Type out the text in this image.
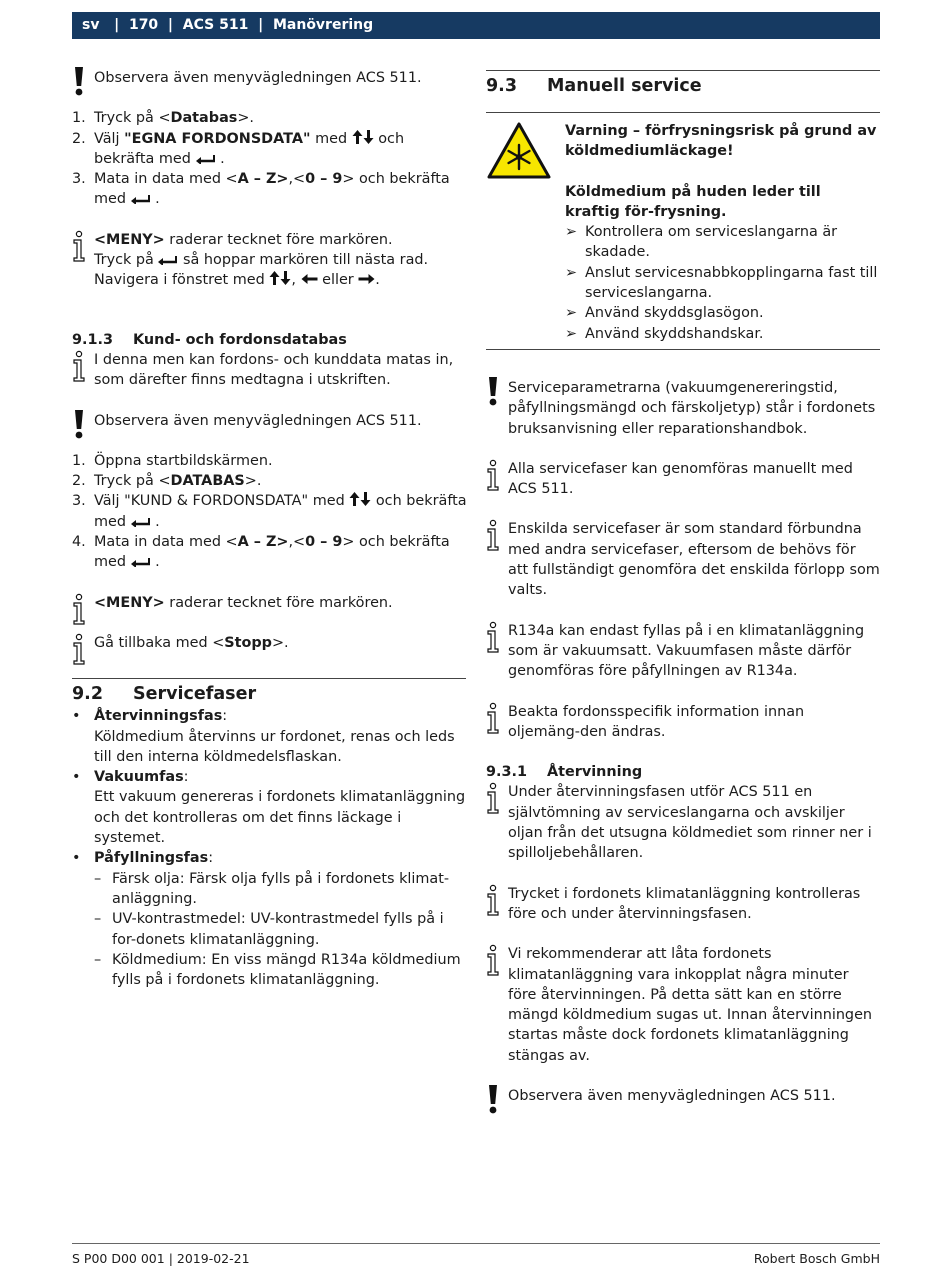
sv | 170 | ACS 511 | Manövrering
Observera även menyvägledningen ACS 511.
1. Tryck på <Databas>.
2. Välj "EGNA FORDONSDATA" med  och bekräfta med  .
3. Mata in data med <A – Z>,<0 – 9> och bekräfta med  .
<MENY> raderar tecknet före markören.
Tryck på  så hoppar markören till nästa rad.
Navigera i fönstret med ,  eller .
9.1.3	Kund- och fordonsdatabas
I denna men kan fordons- och kunddata matas in, som därefter finns medtagna i utskriften.
Observera även menyvägledningen ACS 511.
1. Öppna startbildskärmen.
2. Tryck på <DATABAS>.
3. Välj "KUND & FORDONSDATA" med  och bekräfta med  .
4. Mata in data med <A – Z>,<0 – 9> och bekräfta med  .
<MENY> raderar tecknet före markören.
Gå tillbaka med <Stopp>.
9.2	Servicefaser
• Återvinningsfas:
Köldmedium återvinns ur fordonet, renas och leds till den interna köldmedelsflaskan.
• Vakuumfas:
Ett vakuum genereras i fordonets klimatanläggning och det kontrolleras om det finns läckage i systemet.
• Påfyllningsfas:
– Färsk olja: Färsk olja fylls på i fordonets klimat-anläggning.
– UV-kontrastmedel: UV-kontrastmedel fylls på i for-donets klimatanläggning.
– Köldmedium: En viss mängd R134a köldmedium fylls på i fordonets klimatanläggning.
9.3	Manuell service
Varning – förfrysningsrisk på grund av köldmediumläckage!
Köldmedium på huden leder till kraftig för-frysning.
➢ Kontrollera om serviceslangarna är skadade.
➢ Anslut servicesnabbkopplingarna fast till serviceslangarna.
➢ Använd skyddsglasögon.
➢ Använd skyddshandskar.
Serviceparametrarna (vakuumgenereringstid, påfyllningsmängd och färskoljetyp) står i fordonets bruksanvisning eller reparationshandbok.
Alla servicefaser kan genomföras manuellt med ACS 511.
Enskilda servicefaser är som standard förbundna med andra servicefaser, eftersom de behövs för att fullständigt genomföra det enskilda förlopp som valts.
R134a kan endast fyllas på i en klimatanläggning som är vakuumsatt. Vakuumfasen måste därför genomföras före påfyllningen av R134a.
Beakta fordonsspecifik information innan oljemäng-den ändras.
9.3.1	Återvinning
Under återvinningsfasen utför ACS 511 en självtömning av serviceslangarna och avskiljer oljan från det utsugna köldmediet som rinner ner i spilloljebehållaren.
Trycket i fordonets klimatanläggning kontrolleras före och under återvinningsfasen.
Vi rekommenderar att låta fordonets klimatanläggning vara inkopplat några minuter före återvinningen. På detta sätt kan en större mängd köldmedium sugas ut. Innan återvinningen startas måste dock fordonets klimatanläggning stängas av.
Observera även menyvägledningen ACS 511.
S P00 D00 001 | 2019-02-21	Robert Bosch GmbH
